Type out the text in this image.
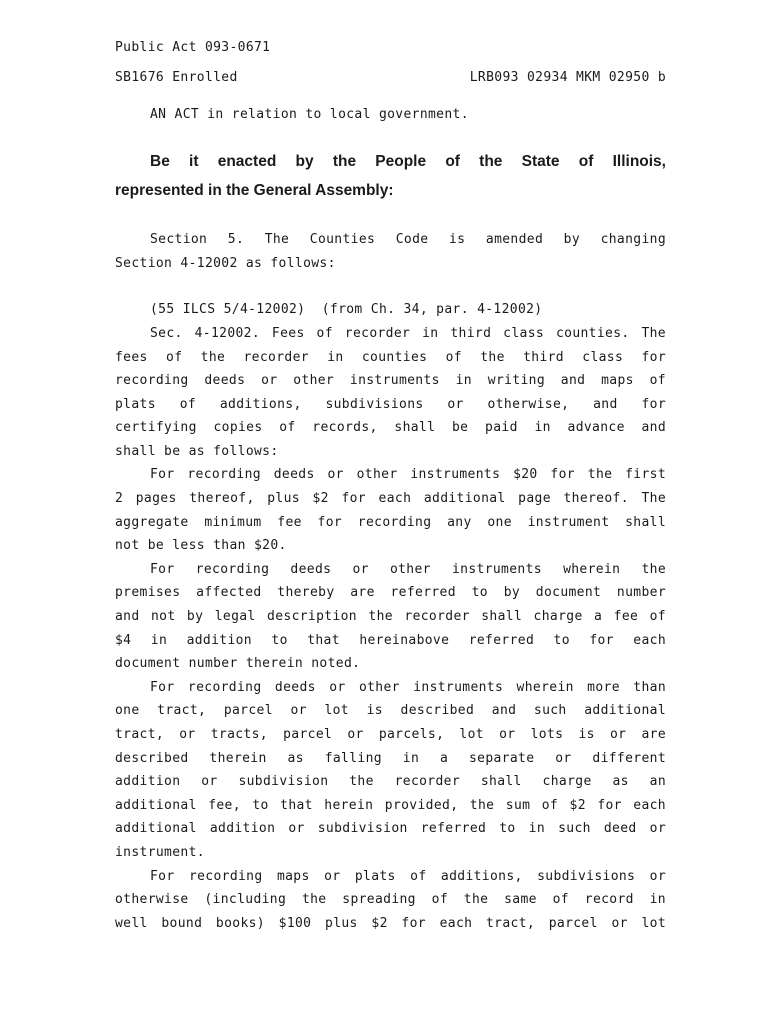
Public Act 093-0671
SB1676 Enrolled	LRB093 02934 MKM 02950 b
AN ACT in relation to local government.
Be it enacted by the People of the State of Illinois,
represented in the General Assembly:
Section 5. The Counties Code is amended by changing
Section 4-12002 as follows:
(55 ILCS 5/4-12002)  (from Ch. 34, par. 4-12002)
Sec. 4-12002. Fees of recorder in third class counties. The
fees of the recorder in counties of the third class for
recording deeds or other instruments in writing and maps of
plats of additions, subdivisions or otherwise, and for
certifying copies of records, shall be paid in advance and
shall be as follows:
For recording deeds or other instruments $20 for the first
2 pages thereof, plus $2 for each additional page thereof. The
aggregate minimum fee for recording any one instrument shall
not be less than $20.
For recording deeds or other instruments wherein the
premises affected thereby are referred to by document number
and not by legal description the recorder shall charge a fee of
$4 in addition to that hereinabove referred to for each
document number therein noted.
For recording deeds or other instruments wherein more than
one tract, parcel or lot is described and such additional
tract, or tracts, parcel or parcels, lot or lots is or are
described therein as falling in a separate or different
addition or subdivision the recorder shall charge as an
additional fee, to that herein provided, the sum of $2 for each
additional addition or subdivision referred to in such deed or
instrument.
For recording maps or plats of additions, subdivisions or
otherwise (including the spreading of the same of record in
well bound books) $100 plus $2 for each tract, parcel or lot
